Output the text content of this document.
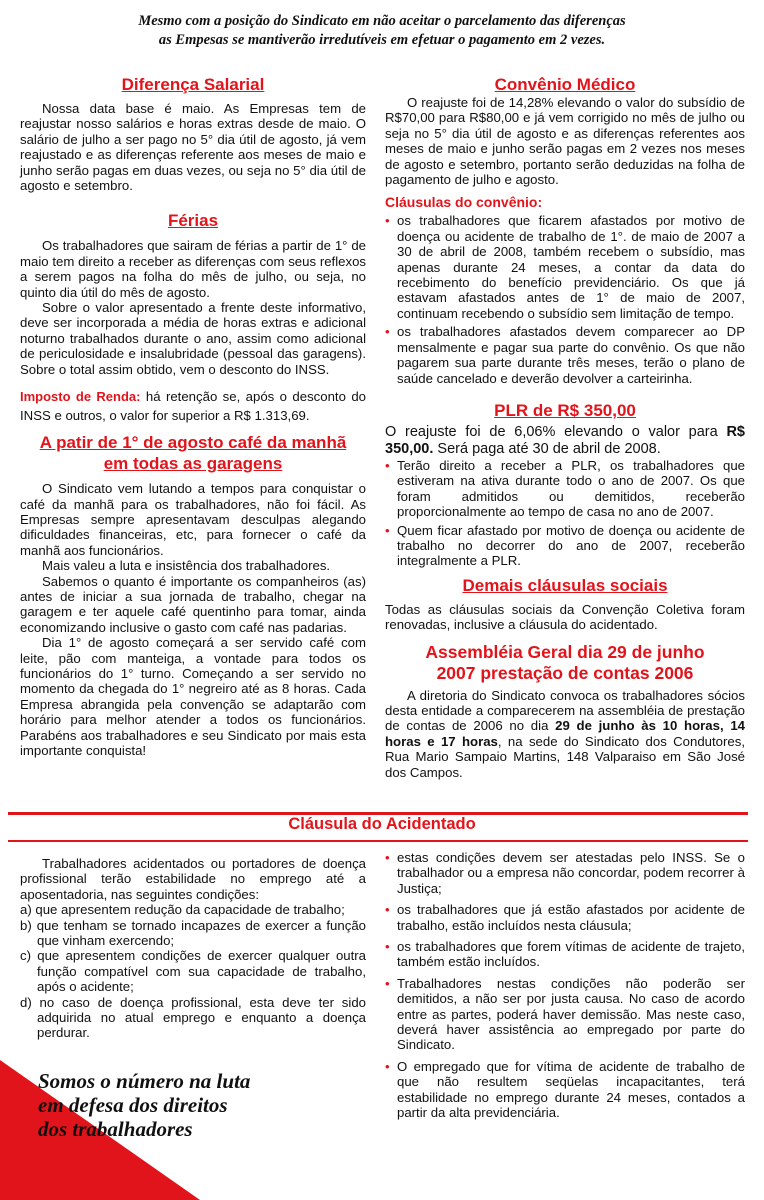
Mesmo com a posição do Sindicato em não aceitar o parcelamento das diferenças
as Empesas se mantiverão irredutíveis em efetuar o pagamento em 2 vezes.
Diferença Salarial

Nossa data base é maio. As Empresas tem de reajustar nosso salários e horas extras desde de maio. O salário de julho a ser pago no 5° dia útil de agosto, já vem reajustado e as diferenças referente aos meses de maio e junho serão pagas em duas vezes, ou seja no 5° dia útil de agosto e setembro.

Férias

Os trabalhadores que sairam de férias a partir de 1° de maio tem direito a receber as diferenças com seus reflexos a serem pagos na folha do mês de julho, ou seja, no quinto dia útil do mês de agosto.

Sobre o valor apresentado a frente deste informativo, deve ser incorporada a média de horas extras e adicional noturno trabalhados durante o ano, assim como adicional de periculosidade e insalubridade (pessoal das garagens). Sobre o total assim obtido, vem o desconto do INSS.

Imposto de Renda: há retenção se, após o desconto do INSS e outros, o valor for superior a R$ 1.313,69.

A patir de 1° de agosto café da manhã
em todas as garagens

O Sindicato vem lutando a tempos para conquistar o café da manhã para os trabalhadores, não foi fácil. As Empresas sempre apresentavam desculpas alegando dificuldades financeiras, etc, para fornecer o café da manhã aos funcionários.

Mais valeu a luta e insistência dos trabalhadores.

Sabemos o quanto é importante os companheiros (as) antes de iniciar a sua jornada de trabalho, chegar na garagem e ter aquele café quentinho para tomar, ainda economizando inclusive o gasto com café nas padarias.

Dia 1° de agosto começará a ser servido café com leite, pão com manteiga, a vontade para todos os funcionários do 1° turno. Começando a ser servido no momento da chegada do 1° negreiro até as 8 horas. Cada Empresa abrangida pela convenção se adaptarão com horário para melhor atender a todos os funcionários. Parabéns aos trabalhadores e seu Sindicato por mais esta importante conquista!

Convênio Médico

O reajuste foi de 14,28% elevando o valor do subsídio de R$70,00 para R$80,00 e já vem corrigido no mês de julho ou seja no 5° dia útil de agosto e as diferenças referentes aos meses de maio e junho serão pagas em 2 vezes nos meses de agosto e setembro, portanto serão deduzidas na folha de pagamento de julho e agosto.

Cláusulas do convênio:

• os trabalhadores que ficarem afastados por motivo de doença ou acidente de trabalho de 1°. de maio de 2007 a 30 de abril de 2008, também recebem o subsídio, mas apenas durante 24 meses, a contar da data do recebimento do benefício previdenciário. Os que já estavam afastados antes de 1° de maio de 2007, continuam recebendo o subsídio sem limitação de tempo.

• os trabalhadores afastados devem comparecer ao DP mensalmente e pagar sua parte do convênio. Os que não pagarem sua parte durante três meses, terão o plano de saúde cancelado e deverão devolver a carteirinha.

PLR de R$ 350,00

O reajuste foi de 6,06% elevando o valor para R$ 350,00. Será paga até 30 de abril de 2008.

• Terão direito a receber a PLR, os trabalhadores que estiveram na ativa durante todo o ano de 2007. Os que foram admitidos ou demitidos, receberão proporcionalmente ao tempo de casa no ano de 2007.

• Quem ficar afastado por motivo de doença ou acidente de trabalho no decorrer do ano de 2007, receberão integralmente a PLR.

Demais cláusulas sociais

Todas as cláusulas sociais da Convenção Coletiva foram renovadas, inclusive a cláusula do acidentado.

Assembléia Geral dia 29 de junho
2007 prestação de contas 2006

A diretoria do Sindicato convoca os trabalhadores sócios desta entidade a comparecerem na assembléia de prestação de contas de 2006 no dia 29 de junho às 10 horas, 14 horas e 17 horas, na sede do Sindicato dos Condutores, Rua Mario Sampaio Martins, 148 Valparaiso em São José dos Campos.

Cláusula do Acidentado

Trabalhadores acidentados ou portadores de doença profissional terão estabilidade no emprego até a aposentadoria, nas seguintes condições:

a) que apresentem redução da capacidade de trabalho;

b) que tenham se tornado incapazes de exercer a função que vinham exercendo;

c) que apresentem condições de exercer qualquer outra função compatível com sua capacidade de trabalho, após o acidente;

d) no caso de doença profissional, esta deve ter sido adquirida no atual emprego e enquanto a doença perdurar.

• estas condições devem ser atestadas pelo INSS. Se o trabalhador ou a empresa não concordar, podem recorrer à Justiça;

• os trabalhadores que já estão afastados por acidente de trabalho, estão incluídos nesta cláusula;

• os trabalhadores que forem vítimas de acidente de trajeto, também estão incluídos.

• Trabalhadores nestas condições não poderão ser demitidos, a não ser por justa causa. No caso de acordo entre as partes, poderá haver demissão. Mas neste caso, deverá haver assistência ao empregado por parte do Sindicato.

• O empregado que for vítima de acidente de trabalho de que não resultem seqüelas incapacitantes, terá estabilidade no emprego durante 24 meses, contados a partir da alta previdenciária.

Somos o número na luta
em defesa dos direitos
dos trabalhadores
